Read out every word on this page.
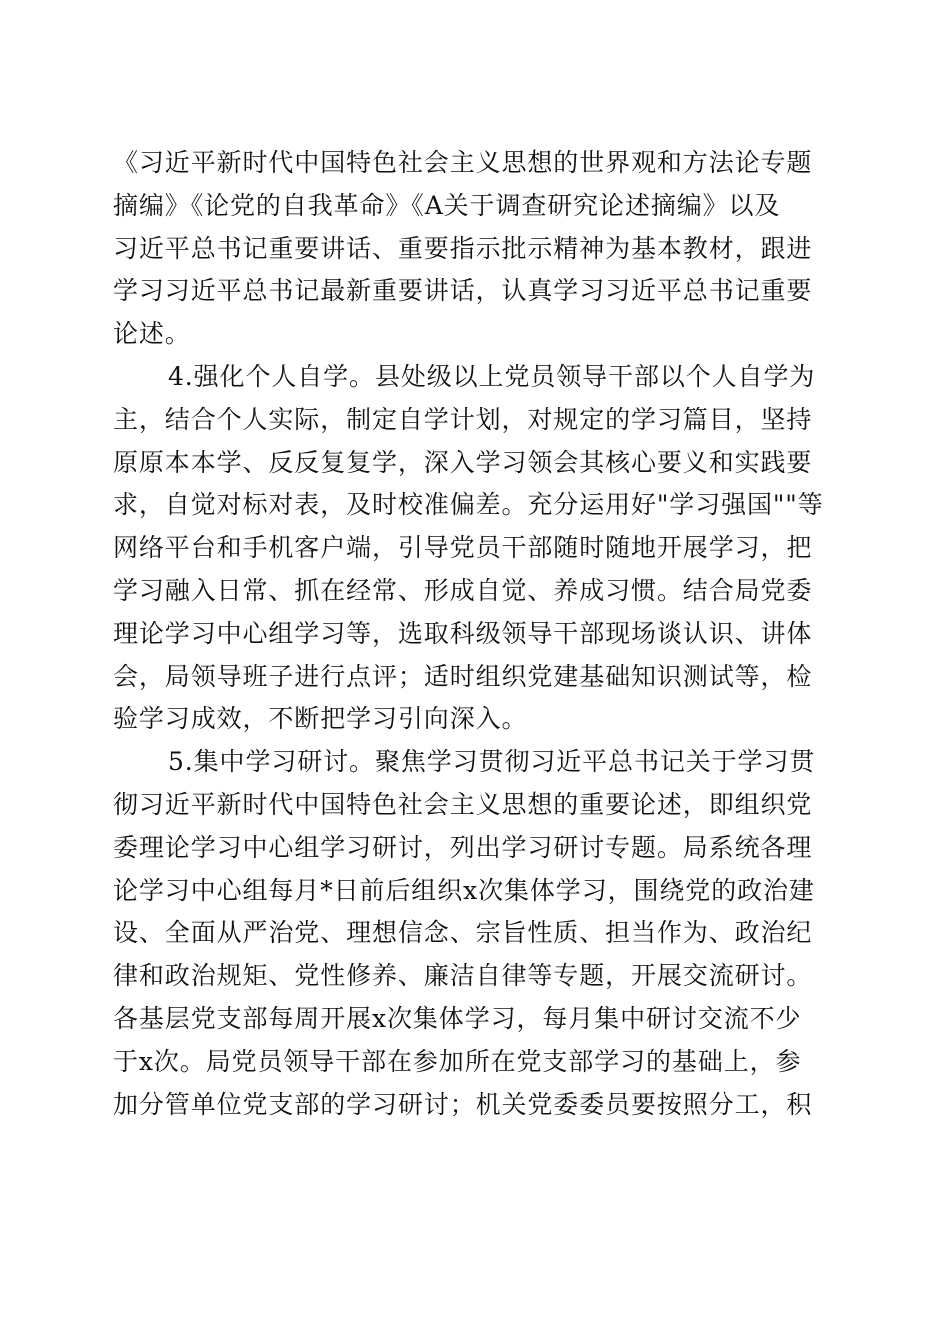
《习近平新时代中国特色社会主义思想的世界观和方法论专题
摘编》《论党的自我革命》《A关于调查研究论述摘编》以及
习近平总书记重要讲话、重要指示批示精神为基本教材，跟进
学习习近平总书记最新重要讲话，认真学习习近平总书记重要
论述。
4.强化个人自学。县处级以上党员领导干部以个人自学为
主，结合个人实际，制定自学计划，对规定的学习篇目，坚持
原原本本学、反反复复学，深入学习领会其核心要义和实践要
求，自觉对标对表，及时校准偏差。充分运用好"学习强国""等
网络平台和手机客户端，引导党员干部随时随地开展学习，把
学习融入日常、抓在经常、形成自觉、养成习惯。结合局党委
理论学习中心组学习等，选取科级领导干部现场谈认识、讲体
会，局领导班子进行点评；适时组织党建基础知识测试等，检
验学习成效，不断把学习引向深入。
5.集中学习研讨。聚焦学习贯彻习近平总书记关于学习贯
彻习近平新时代中国特色社会主义思想的重要论述，即组织党
委理论学习中心组学习研讨，列出学习研讨专题。局系统各理
论学习中心组每月*日前后组织x次集体学习，围绕党的政治建
设、全面从严治党、理想信念、宗旨性质、担当作为、政治纪
律和政治规矩、党性修养、廉洁自律等专题，开展交流研讨。
各基层党支部每周开展x次集体学习，每月集中研讨交流不少
于x次。局党员领导干部在参加所在党支部学习的基础上，参
加分管单位党支部的学习研讨；机关党委委员要按照分工，积
